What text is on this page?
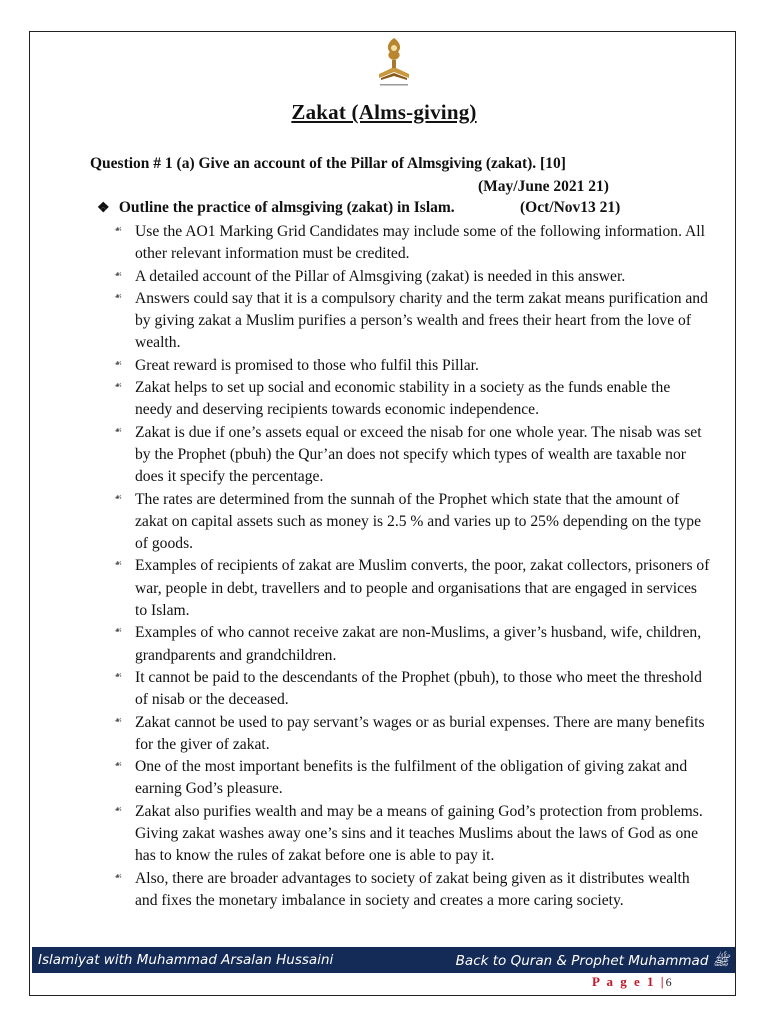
Zakat (Alms-giving)
Question # 1 (a) Give an account of the Pillar of Almsgiving (zakat). [10]
(May/June 2021 21)
❖ Outline the practice of almsgiving (zakat) in Islam.	(Oct/Nov13 21)
☙ Use the AO1 Marking Grid Candidates may include some of the following information. All other relevant information must be credited.
☙ A detailed account of the Pillar of Almsgiving (zakat) is needed in this answer.
☙ Answers could say that it is a compulsory charity and the term zakat means purification and by giving zakat a Muslim purifies a person’s wealth and frees their heart from the love of wealth.
☙ Great reward is promised to those who fulfil this Pillar.
☙ Zakat helps to set up social and economic stability in a society as the funds enable the needy and deserving recipients towards economic independence.
☙ Zakat is due if one’s assets equal or exceed the nisab for one whole year. The nisab was set by the Prophet (pbuh) the Qur’an does not specify which types of wealth are taxable nor does it specify the percentage.
☙ The rates are determined from the sunnah of the Prophet which state that the amount of zakat on capital assets such as money is 2.5 % and varies up to 25% depending on the type of goods.
☙ Examples of recipients of zakat are Muslim converts, the poor, zakat collectors, prisoners of war, people in debt, travellers and to people and organisations that are engaged in services to Islam.
☙ Examples of who cannot receive zakat are non-Muslims, a giver’s husband, wife, children, grandparents and grandchildren.
☙ It cannot be paid to the descendants of the Prophet (pbuh), to those who meet the threshold of nisab or the deceased.
☙ Zakat cannot be used to pay servant’s wages or as burial expenses. There are many benefits for the giver of zakat.
☙ One of the most important benefits is the fulfilment of the obligation of giving zakat and earning God’s pleasure.
☙ Zakat also purifies wealth and may be a means of gaining God’s protection from problems. Giving zakat washes away one’s sins and it teaches Muslims about the laws of God as one has to know the rules of zakat before one is able to pay it.
☙ Also, there are broader advantages to society of zakat being given as it distributes wealth and fixes the monetary imbalance in society and creates a more caring society.
Islamiyat with Muhammad Arsalan Hussaini	Back to Quran & Prophet Muhammad ﷺ
P a g e 1 |6
